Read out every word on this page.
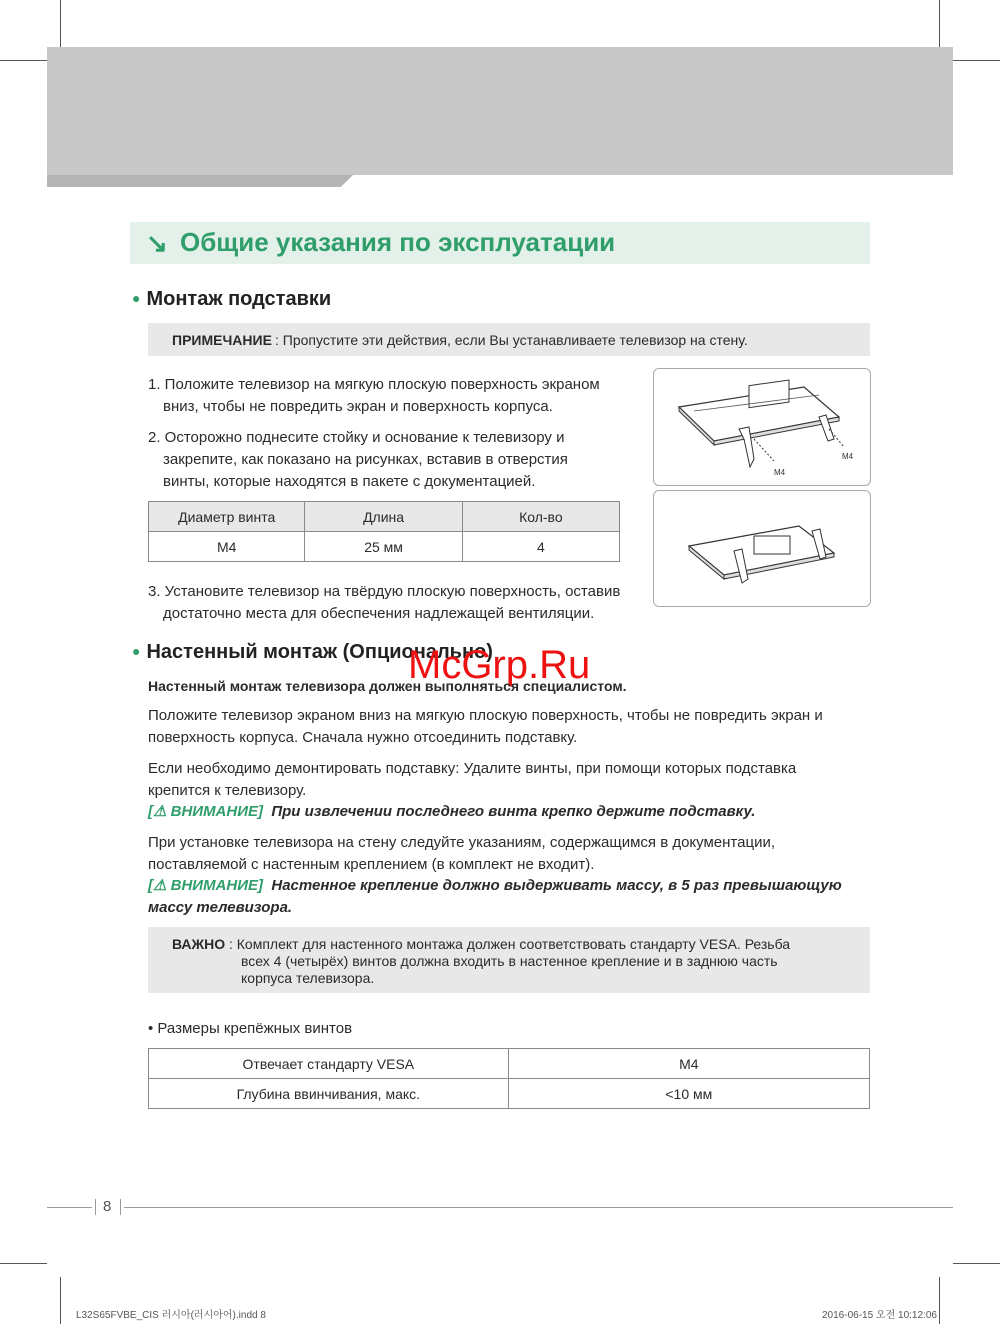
↘ Общие указания по эксплуатации
● Монтаж подставки
ПРИМЕЧАНИЕ : Пропустите эти действия, если Вы устанавливаете телевизор на стену.
1. Положите телевизор на мягкую плоскую поверхность экраном
вниз, чтобы не повредить экран и поверхность корпуса.
2. Осторожно поднесите стойку и основание к телевизору и
закрепите, как показано на рисунках, вставив в отверстия
винты, которые находятся в пакете с документацией.
Диаметр винта	Длина	Кол-во
M4	25 мм	4
3. Установите телевизор на твёрдую плоскую поверхность, оставив
достаточно места для обеспечения надлежащей вентиляции.
M4
M4
● Настенный монтаж (Опционально)
McGrp.Ru
Настенный монтаж телевизора должен выполняться специалистом.
Положите телевизор экраном вниз на мягкую плоскую поверхность, чтобы не повредить экран и
поверхность корпуса. Сначала нужно отсоединить подставку.
Если необходимо демонтировать подставку: Удалите винты, при помощи которых подставка
крепится к телевизору.
[⚠ ВНИМАНИЕ] При извлечении последнего винта крепко держите подставку.
При установке телевизора на стену следуйте указаниям, содержащимся в документации,
поставляемой с настенным креплением (в комплект не входит).
[⚠ ВНИМАНИЕ] Настенное крепление должно выдерживать массу, в 5 раз превышающую
массу телевизора.
ВАЖНО : Комплект для настенного монтажа должен соответствовать стандарту VESA. Резьба
всех 4 (четырёх) винтов должна входить в настенное крепление и в заднюю часть
корпуса телевизора.
• Размеры крепёжных винтов
Отвечает стандарту VESA	M4
Глубина ввинчивания, макс.	<10 мм
8
L32S65FVBE_CIS 러시아(러시아어).indd 8	2016-06-15 오전 10:12:06
